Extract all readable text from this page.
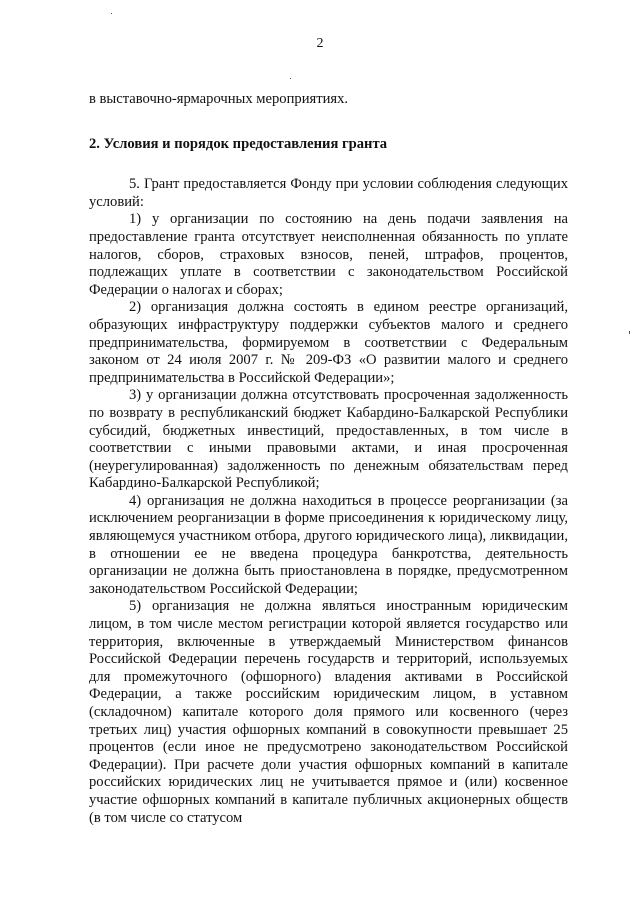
2

в выставочно-ярмарочных мероприятиях.

2. Условия и порядок предоставления гранта

5. Грант предоставляется Фонду при условии соблюдения следующих условий:

1) у организации по состоянию на день подачи заявления на предоставление гранта отсутствует неисполненная обязанность по уплате налогов, сборов, страховых взносов, пеней, штрафов, процентов, подлежащих уплате в соответствии с законодательством Российской Федерации о налогах и сборах;

2) организация должна состоять в едином реестре организаций, образующих инфраструктуру поддержки субъектов малого и среднего предпринимательства, формируемом в соответствии с Федеральным законом от 24 июля 2007 г. № 209-ФЗ «О развитии малого и среднего предпринимательства в Российской Федерации»;

3) у организации должна отсутствовать просроченная задолженность по возврату в республиканский бюджет Кабардино-Балкарской Республики субсидий, бюджетных инвестиций, предоставленных, в том числе в соответствии с иными правовыми актами, и иная просроченная (неурегулированная) задолженность по денежным обязательствам перед Кабардино-Балкарской Республикой;

4) организация не должна находиться в процессе реорганизации (за исключением реорганизации в форме присоединения к юридическому лицу, являющемуся участником отбора, другого юридического лица), ликвидации, в отношении ее не введена процедура банкротства, деятельность организации не должна быть приостановлена в порядке, предусмотренном законодательством Российской Федерации;

5) организация не должна являться иностранным юридическим лицом, в том числе местом регистрации которой является государство или территория, включенные в утверждаемый Министерством финансов Российской Федерации перечень государств и территорий, используемых для промежуточного (офшорного) владения активами в Российской Федерации, а также российским юридическим лицом, в уставном (складочном) капитале которого доля прямого или косвенного (через третьих лиц) участия офшорных компаний в совокупности превышает 25 процентов (если иное не предусмотрено законодательством Российской Федерации). При расчете доли участия офшорных компаний в капитале российских юридических лиц не учитывается прямое и (или) косвенное участие офшорных компаний в капитале публичных акционерных обществ (в том числе со статусом
